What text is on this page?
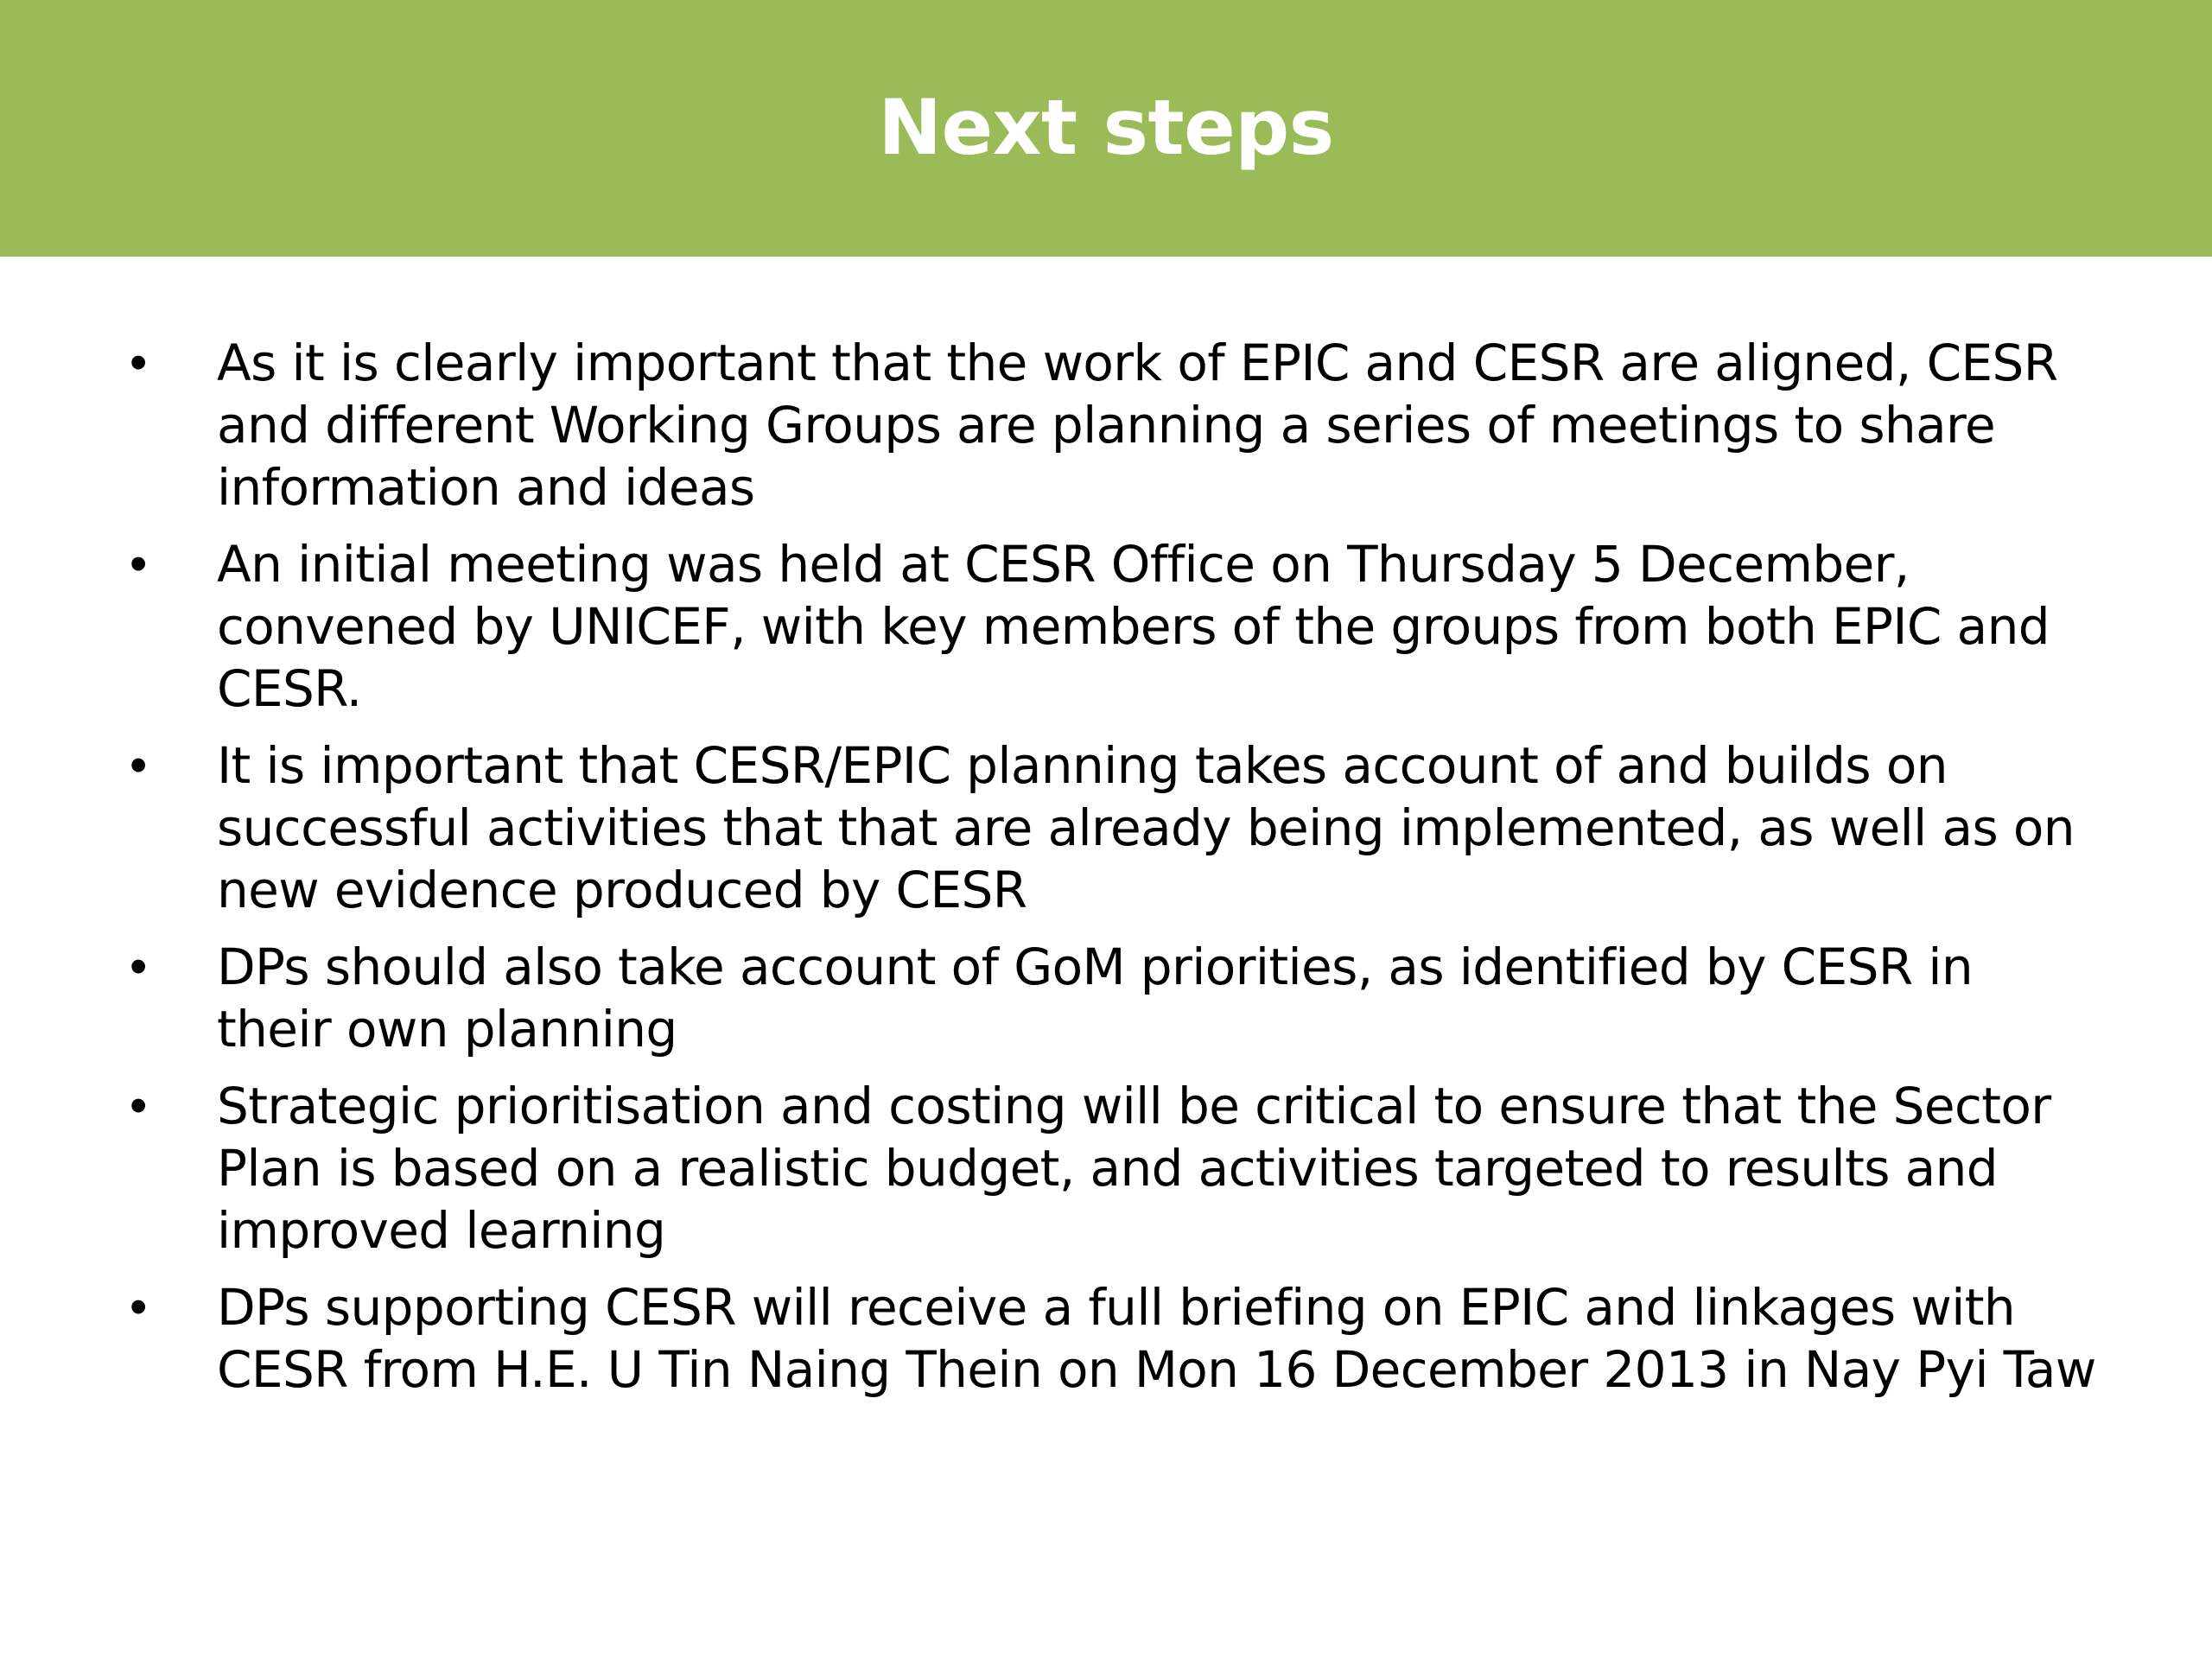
Next steps
•	As it is clearly important that the work of EPIC and CESR are aligned, CESR and different Working Groups are planning a series of meetings to share information and ideas
•	An initial meeting was held at CESR Office on Thursday 5 December, convened by UNICEF, with key members of the groups from both EPIC and CESR.
•	It is important that CESR/EPIC planning takes account of and builds on successful activities that that are already being implemented, as well as on new evidence produced by CESR
•	DPs should also take account of GoM priorities, as identified by CESR in their own planning
•	Strategic prioritisation and costing will be critical to ensure that the Sector Plan is based on a realistic budget, and activities targeted to results and improved learning
•	DPs supporting CESR will receive a full briefing on EPIC and linkages with CESR from H.E. U Tin Naing Thein on Mon 16 December 2013 in Nay Pyi Taw
